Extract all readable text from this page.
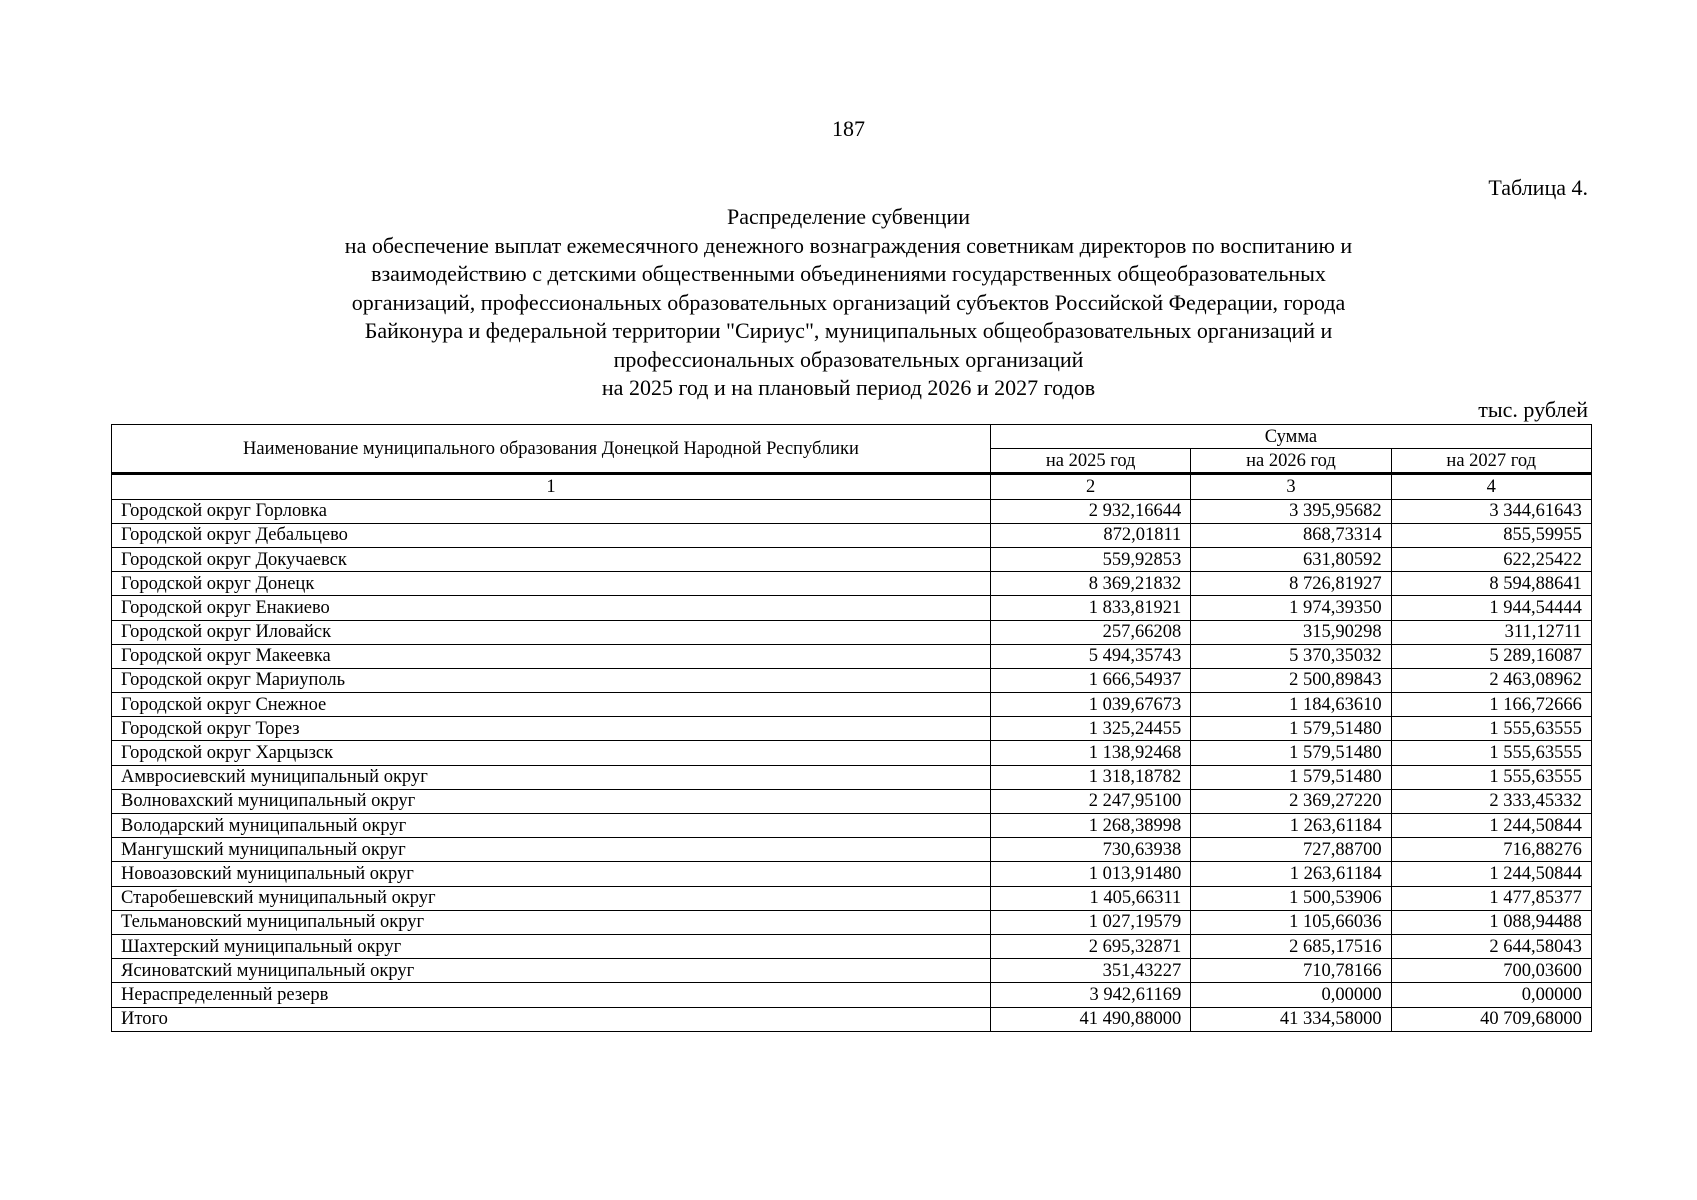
187
Таблица 4.
Распределение субвенции
на обеспечение выплат ежемесячного денежного вознаграждения советникам директоров по воспитанию и
взаимодействию с детскими общественными объединениями государственных общеобразовательных
организаций, профессиональных образовательных организаций субъектов Российской Федерации, города
Байконура и федеральной территории "Сириус", муниципальных общеобразовательных организаций и
профессиональных образовательных организаций
на 2025 год и на плановый период 2026 и 2027 годов
тыс. рублей
Наименование муниципального образования Донецкой Народной Республики	Сумма		
	на 2025 год	на 2026 год	на 2027 год
1	2	3	4
Городской округ Горловка	2 932,16644	3 395,95682	3 344,61643
Городской округ Дебальцево	872,01811	868,73314	855,59955
Городской округ Докучаевск	559,92853	631,80592	622,25422
Городской округ Донецк	8 369,21832	8 726,81927	8 594,88641
Городской округ Енакиево	1 833,81921	1 974,39350	1 944,54444
Городской округ Иловайск	257,66208	315,90298	311,12711
Городской округ Макеевка	5 494,35743	5 370,35032	5 289,16087
Городской округ Мариуполь	1 666,54937	2 500,89843	2 463,08962
Городской округ Снежное	1 039,67673	1 184,63610	1 166,72666
Городской округ Торез	1 325,24455	1 579,51480	1 555,63555
Городской округ Харцызск	1 138,92468	1 579,51480	1 555,63555
Амвросиевский муниципальный округ	1 318,18782	1 579,51480	1 555,63555
Волновахский муниципальный округ	2 247,95100	2 369,27220	2 333,45332
Володарский муниципальный округ	1 268,38998	1 263,61184	1 244,50844
Мангушский муниципальный округ	730,63938	727,88700	716,88276
Новоазовский муниципальный округ	1 013,91480	1 263,61184	1 244,50844
Старобешевский муниципальный округ	1 405,66311	1 500,53906	1 477,85377
Тельмановский муниципальный округ	1 027,19579	1 105,66036	1 088,94488
Шахтерский муниципальный округ	2 695,32871	2 685,17516	2 644,58043
Ясиноватский муниципальный округ	351,43227	710,78166	700,03600
Нераспределенный резерв	3 942,61169	0,00000	0,00000
Итого	41 490,88000	41 334,58000	40 709,68000
